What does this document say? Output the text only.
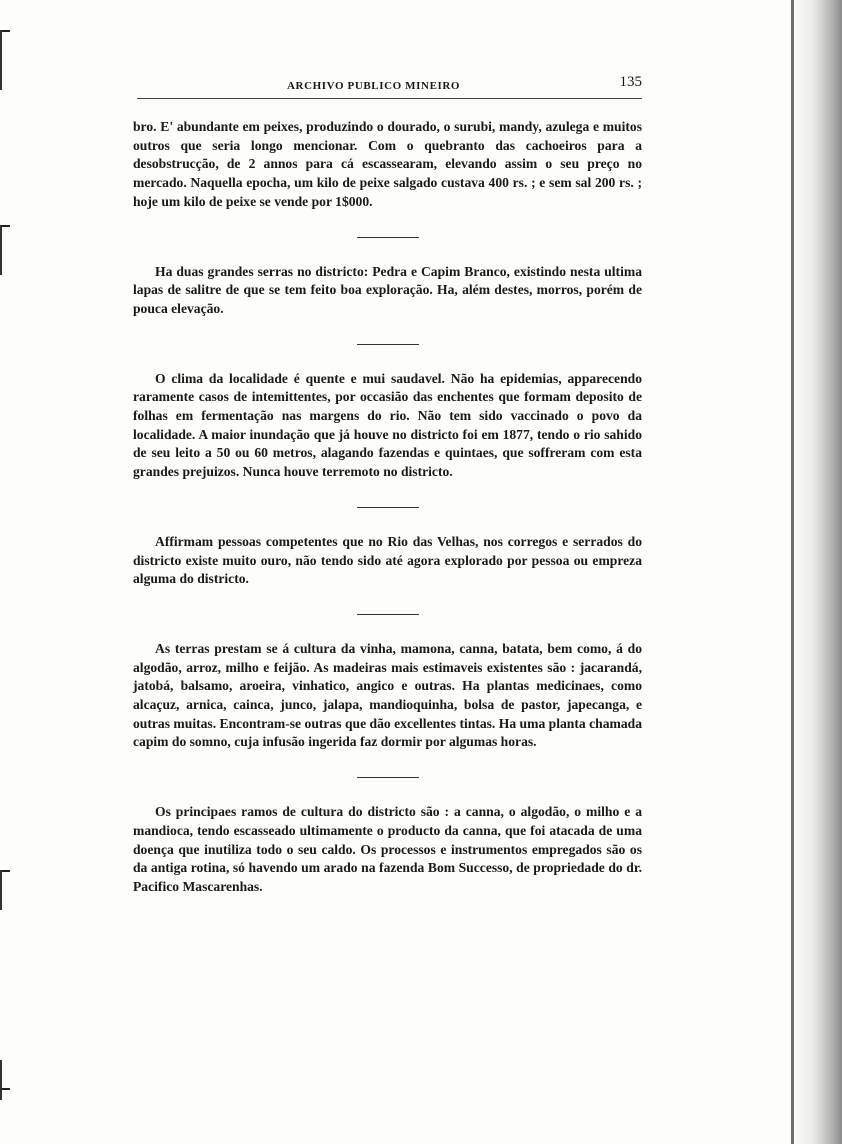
ARCHIVO PUBLICO MINEIRO	135

bro. E' abundante em peixes, produzindo o dourado, o surubi, mandy, azulega e muitos outros que seria longo mencionar. Com o quebranto das cachoeiros para a desobstrucção, de 2 annos para cá escassearam, elevando assim o seu preço no mercado. Naquella epocha, um kilo de peixe salgado custava 400 rs. ; e sem sal 200 rs. ; hoje um kilo de peixe se vende por 1$000.

Ha duas grandes serras no districto: Pedra e Capim Branco, existindo nesta ultima lapas de salitre de que se tem feito boa exploração. Ha, além destes, morros, porém de pouca elevação.

O clima da localidade é quente e mui saudavel. Não ha epidemias, apparecendo raramente casos de intemittentes, por occasião das enchentes que formam deposito de folhas em fermentação nas margens do rio. Não tem sido vaccinado o povo da localidade. A maior inundação que já houve no districto foi em 1877, tendo o rio sahido de seu leito a 50 ou 60 metros, alagando fazendas e quintaes, que soffreram com esta grandes prejuizos. Nunca houve terremoto no districto.

Affirmam pessoas competentes que no Rio das Velhas, nos corregos e serrados do districto existe muito ouro, não tendo sido até agora explorado por pessoa ou empreza alguma do districto.

As terras prestam se á cultura da vinha, mamona, canna, batata, bem como, á do algodão, arroz, milho e feijão. As madeiras mais estimaveis existentes são : jacarandá, jatobá, balsamo, aroeira, vinhatico, angico e outras. Ha plantas medicinaes, como alcaçuz, arnica, cainca, junco, jalapa, mandioquinha, bolsa de pastor, japecanga, e outras muitas. Encontram-se outras que dão excellentes tintas. Ha uma planta chamada capim do somno, cuja infusão ingerida faz dormir por algumas horas.

Os principaes ramos de cultura do districto são : a canna, o algodão, o milho e a mandioca, tendo escasseado ultimamente o producto da canna, que foi atacada de uma doença que inutiliza todo o seu caldo. Os processos e instrumentos empregados são os da antiga rotina, só havendo um arado na fazenda Bom Successo, de propriedade do dr. Pacifico Mascarenhas.
